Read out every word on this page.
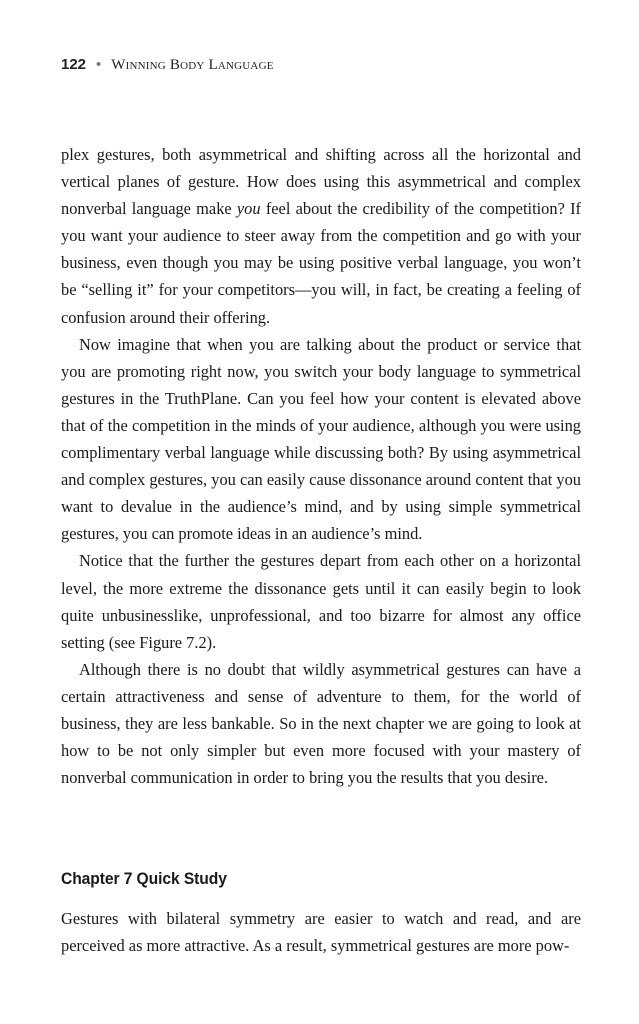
122 • Winning Body Language

plex gestures, both asymmetrical and shifting across all the horizontal and vertical planes of gesture. How does using this asymmetrical and complex nonverbal language make you feel about the credibility of the competition? If you want your audience to steer away from the competition and go with your business, even though you may be using positive verbal language, you won’t be “selling it” for your competitors—you will, in fact, be creating a feeling of confusion around their offering.

Now imagine that when you are talking about the product or service that you are promoting right now, you switch your body language to symmetrical gestures in the TruthPlane. Can you feel how your content is elevated above that of the competition in the minds of your audience, although you were using complimentary verbal language while discussing both? By using asymmetrical and complex gestures, you can easily cause dissonance around content that you want to devalue in the audience’s mind, and by using simple symmetrical gestures, you can promote ideas in an audience’s mind.

Notice that the further the gestures depart from each other on a horizontal level, the more extreme the dissonance gets until it can easily begin to look quite unbusinesslike, unprofessional, and too bizarre for almost any office setting (see Figure 7.2).

Although there is no doubt that wildly asymmetrical gestures can have a certain attractiveness and sense of adventure to them, for the world of business, they are less bankable. So in the next chapter we are going to look at how to be not only simpler but even more focused with your mastery of nonverbal communication in order to bring you the results that you desire.

Chapter 7 Quick Study

Gestures with bilateral symmetry are easier to watch and read, and are perceived as more attractive. As a result, symmetrical gestures are more pow-
